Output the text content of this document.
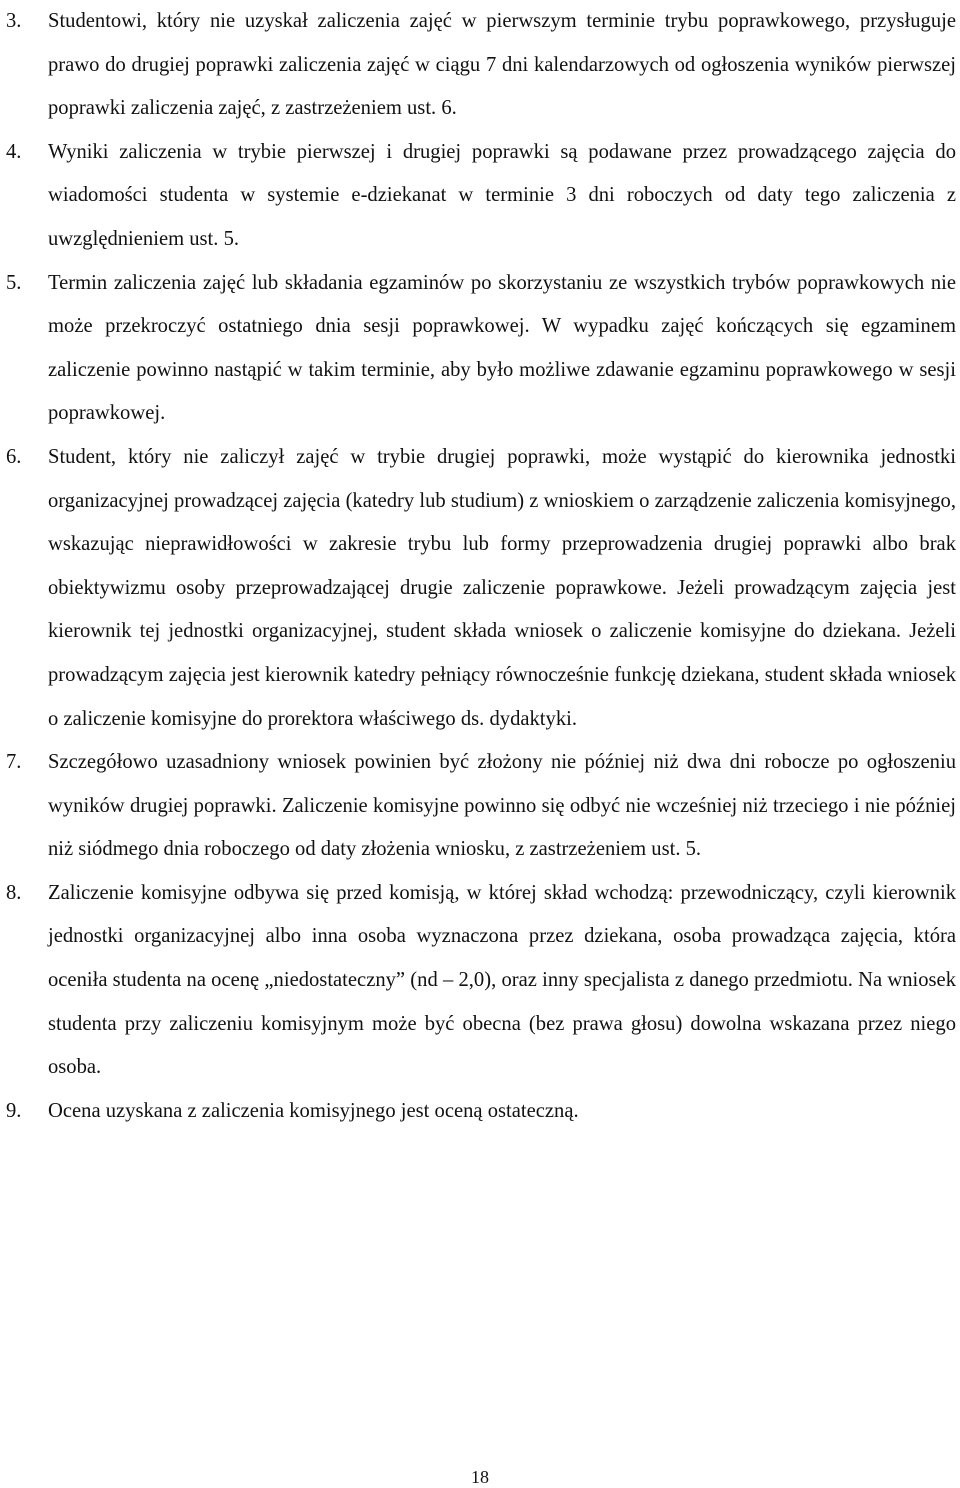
3.	Studentowi, który nie uzyskał zaliczenia zajęć w pierwszym terminie trybu poprawkowego, przysługuje prawo do drugiej poprawki zaliczenia zajęć w ciągu 7 dni kalendarzowych od ogłoszenia wyników pierwszej poprawki zaliczenia zajęć, z zastrzeżeniem ust. 6.
4.	Wyniki zaliczenia w trybie pierwszej i drugiej poprawki są podawane przez prowadzącego zajęcia do wiadomości studenta w systemie e-dziekanat w terminie 3 dni roboczych od daty tego zaliczenia z uwzględnieniem ust. 5.
5.	Termin zaliczenia zajęć lub składania egzaminów po skorzystaniu ze wszystkich trybów poprawkowych nie może przekroczyć ostatniego dnia sesji poprawkowej. W wypadku zajęć kończących się egzaminem zaliczenie powinno nastąpić w takim terminie, aby było możliwe zdawanie egzaminu poprawkowego w sesji poprawkowej.
6.	Student, który nie zaliczył zajęć w trybie drugiej poprawki, może wystąpić do kierownika jednostki organizacyjnej prowadzącej zajęcia (katedry lub studium) z wnioskiem o zarządzenie zaliczenia komisyjnego, wskazując nieprawidłowości w zakresie trybu lub formy przeprowadzenia drugiej poprawki albo brak obiektywizmu osoby przeprowadzającej drugie zaliczenie poprawkowe. Jeżeli prowadzącym zajęcia jest kierownik tej jednostki organizacyjnej, student składa wniosek o zaliczenie komisyjne do dziekana. Jeżeli prowadzącym zajęcia jest kierownik katedry pełniący równocześnie funkcję dziekana, student składa wniosek o zaliczenie komisyjne do prorektora właściwego ds. dydaktyki.
7.	Szczegółowo uzasadniony wniosek powinien być złożony nie później niż dwa dni robocze po ogłoszeniu wyników drugiej poprawki. Zaliczenie komisyjne powinno się odbyć nie wcześniej niż trzeciego i nie później niż siódmego dnia roboczego od daty złożenia wniosku, z zastrzeżeniem ust. 5.
8.	Zaliczenie komisyjne odbywa się przed komisją, w której skład wchodzą: przewodniczący, czyli kierownik jednostki organizacyjnej albo inna osoba wyznaczona przez dziekana, osoba prowadząca zajęcia, która oceniła studenta na ocenę „niedostateczny” (nd – 2,0), oraz inny specjalista z danego przedmiotu. Na wniosek studenta przy zaliczeniu komisyjnym może być obecna (bez prawa głosu) dowolna wskazana przez niego osoba.
9.	Ocena uzyskana z zaliczenia komisyjnego jest oceną ostateczną.
18
